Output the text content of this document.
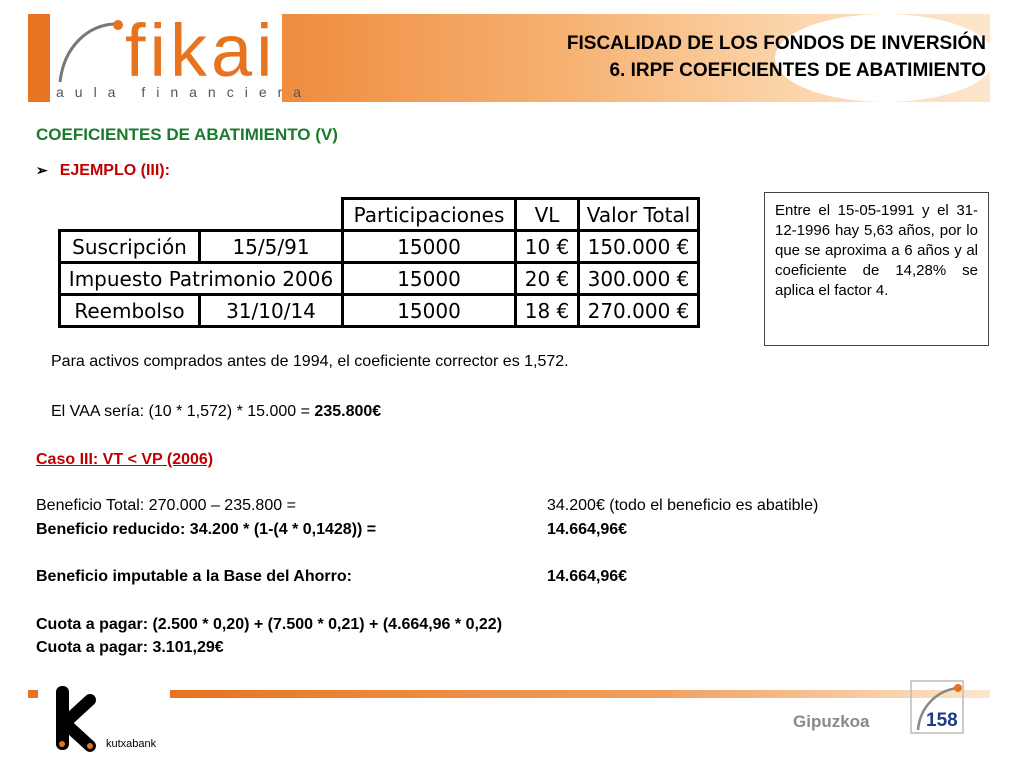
fikai
aula financiera
FISCALIDAD DE LOS FONDOS DE INVERSIÓN
6. IRPF COEFICIENTES DE ABATIMIENTO
COEFICIENTES DE ABATIMIENTO (V)
➢ EJEMPLO (III):
		Participaciones	VL	Valor Total
Suscripción	15/5/91	15000	10 €	150.000 €
Impuesto Patrimonio 2006		15000	20 €	300.000 €
Reembolso	31/10/14	15000	18 €	270.000 €
Entre el 15-05-1991 y el 31-12-1996 hay 5,63 años, por lo que se aproxima a 6 años y al coeficiente de 14,28% se aplica el factor 4.
Para activos comprados antes de 1994, el coeficiente corrector es 1,572.
El VAA sería: (10 * 1,572) * 15.000 = 235.800€
Caso III: VT < VP (2006)
Beneficio Total: 270.000 – 235.800 =	34.200€ (todo el beneficio es abatible)
Beneficio reducido: 34.200 * (1-(4 * 0,1428)) =	14.664,96€
Beneficio imputable a la Base del Ahorro:	14.664,96€
Cuota a pagar: (2.500 * 0,20) + (7.500 * 0,21) + (4.664,96 * 0,22)
Cuota a pagar: 3.101,29€
kutxabank
Gipuzkoa	158
